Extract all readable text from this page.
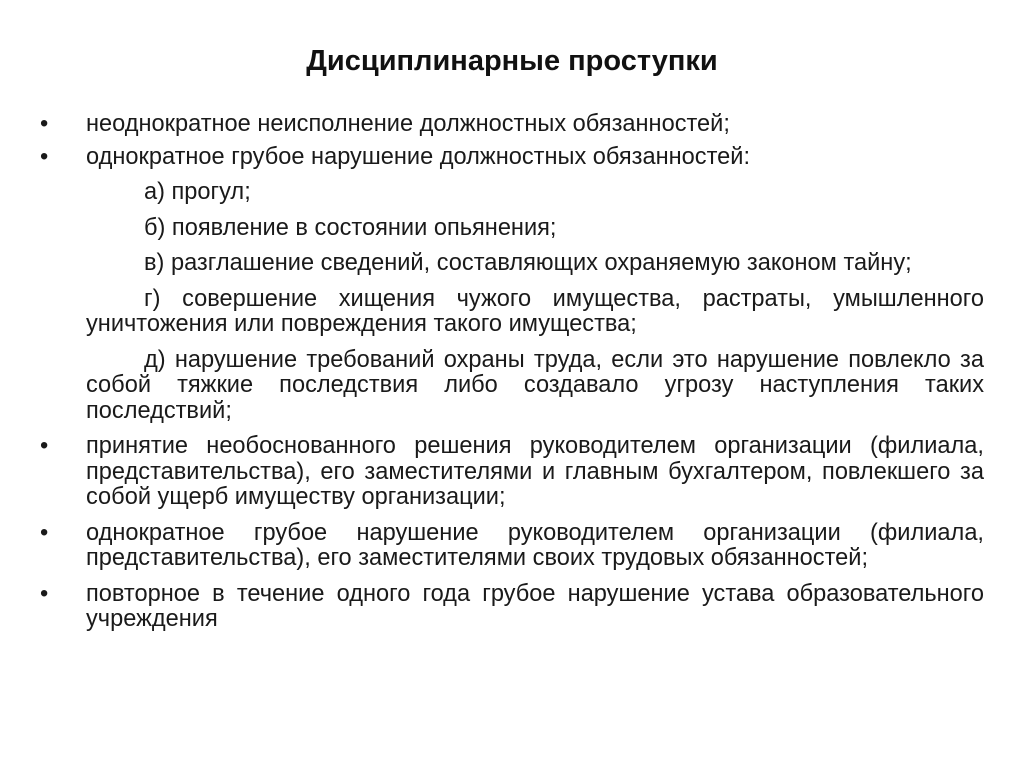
Дисциплинарные проступки
•	неоднократное неисполнение должностных обязанностей;
•	однократное грубое нарушение должностных обязанностей:
а) прогул;
б) появление в состоянии опьянения;
в) разглашение сведений, составляющих охраняемую законом тайну;
г) совершение хищения чужого имущества, растраты, умышленного уничтожения или повреждения такого имущества;
д) нарушение требований охраны труда, если это нарушение повлекло за собой тяжкие последствия либо создавало угрозу наступления таких последствий;
•	принятие необоснованного решения руководителем организации (филиала, представительства), его заместителями и главным бухгалтером, повлекшего за собой ущерб имуществу организации;
•	однократное грубое нарушение руководителем организации (филиала, представительства), его заместителями своих трудовых обязанностей;
•	повторное в течение одного года грубое нарушение устава образовательного учреждения
